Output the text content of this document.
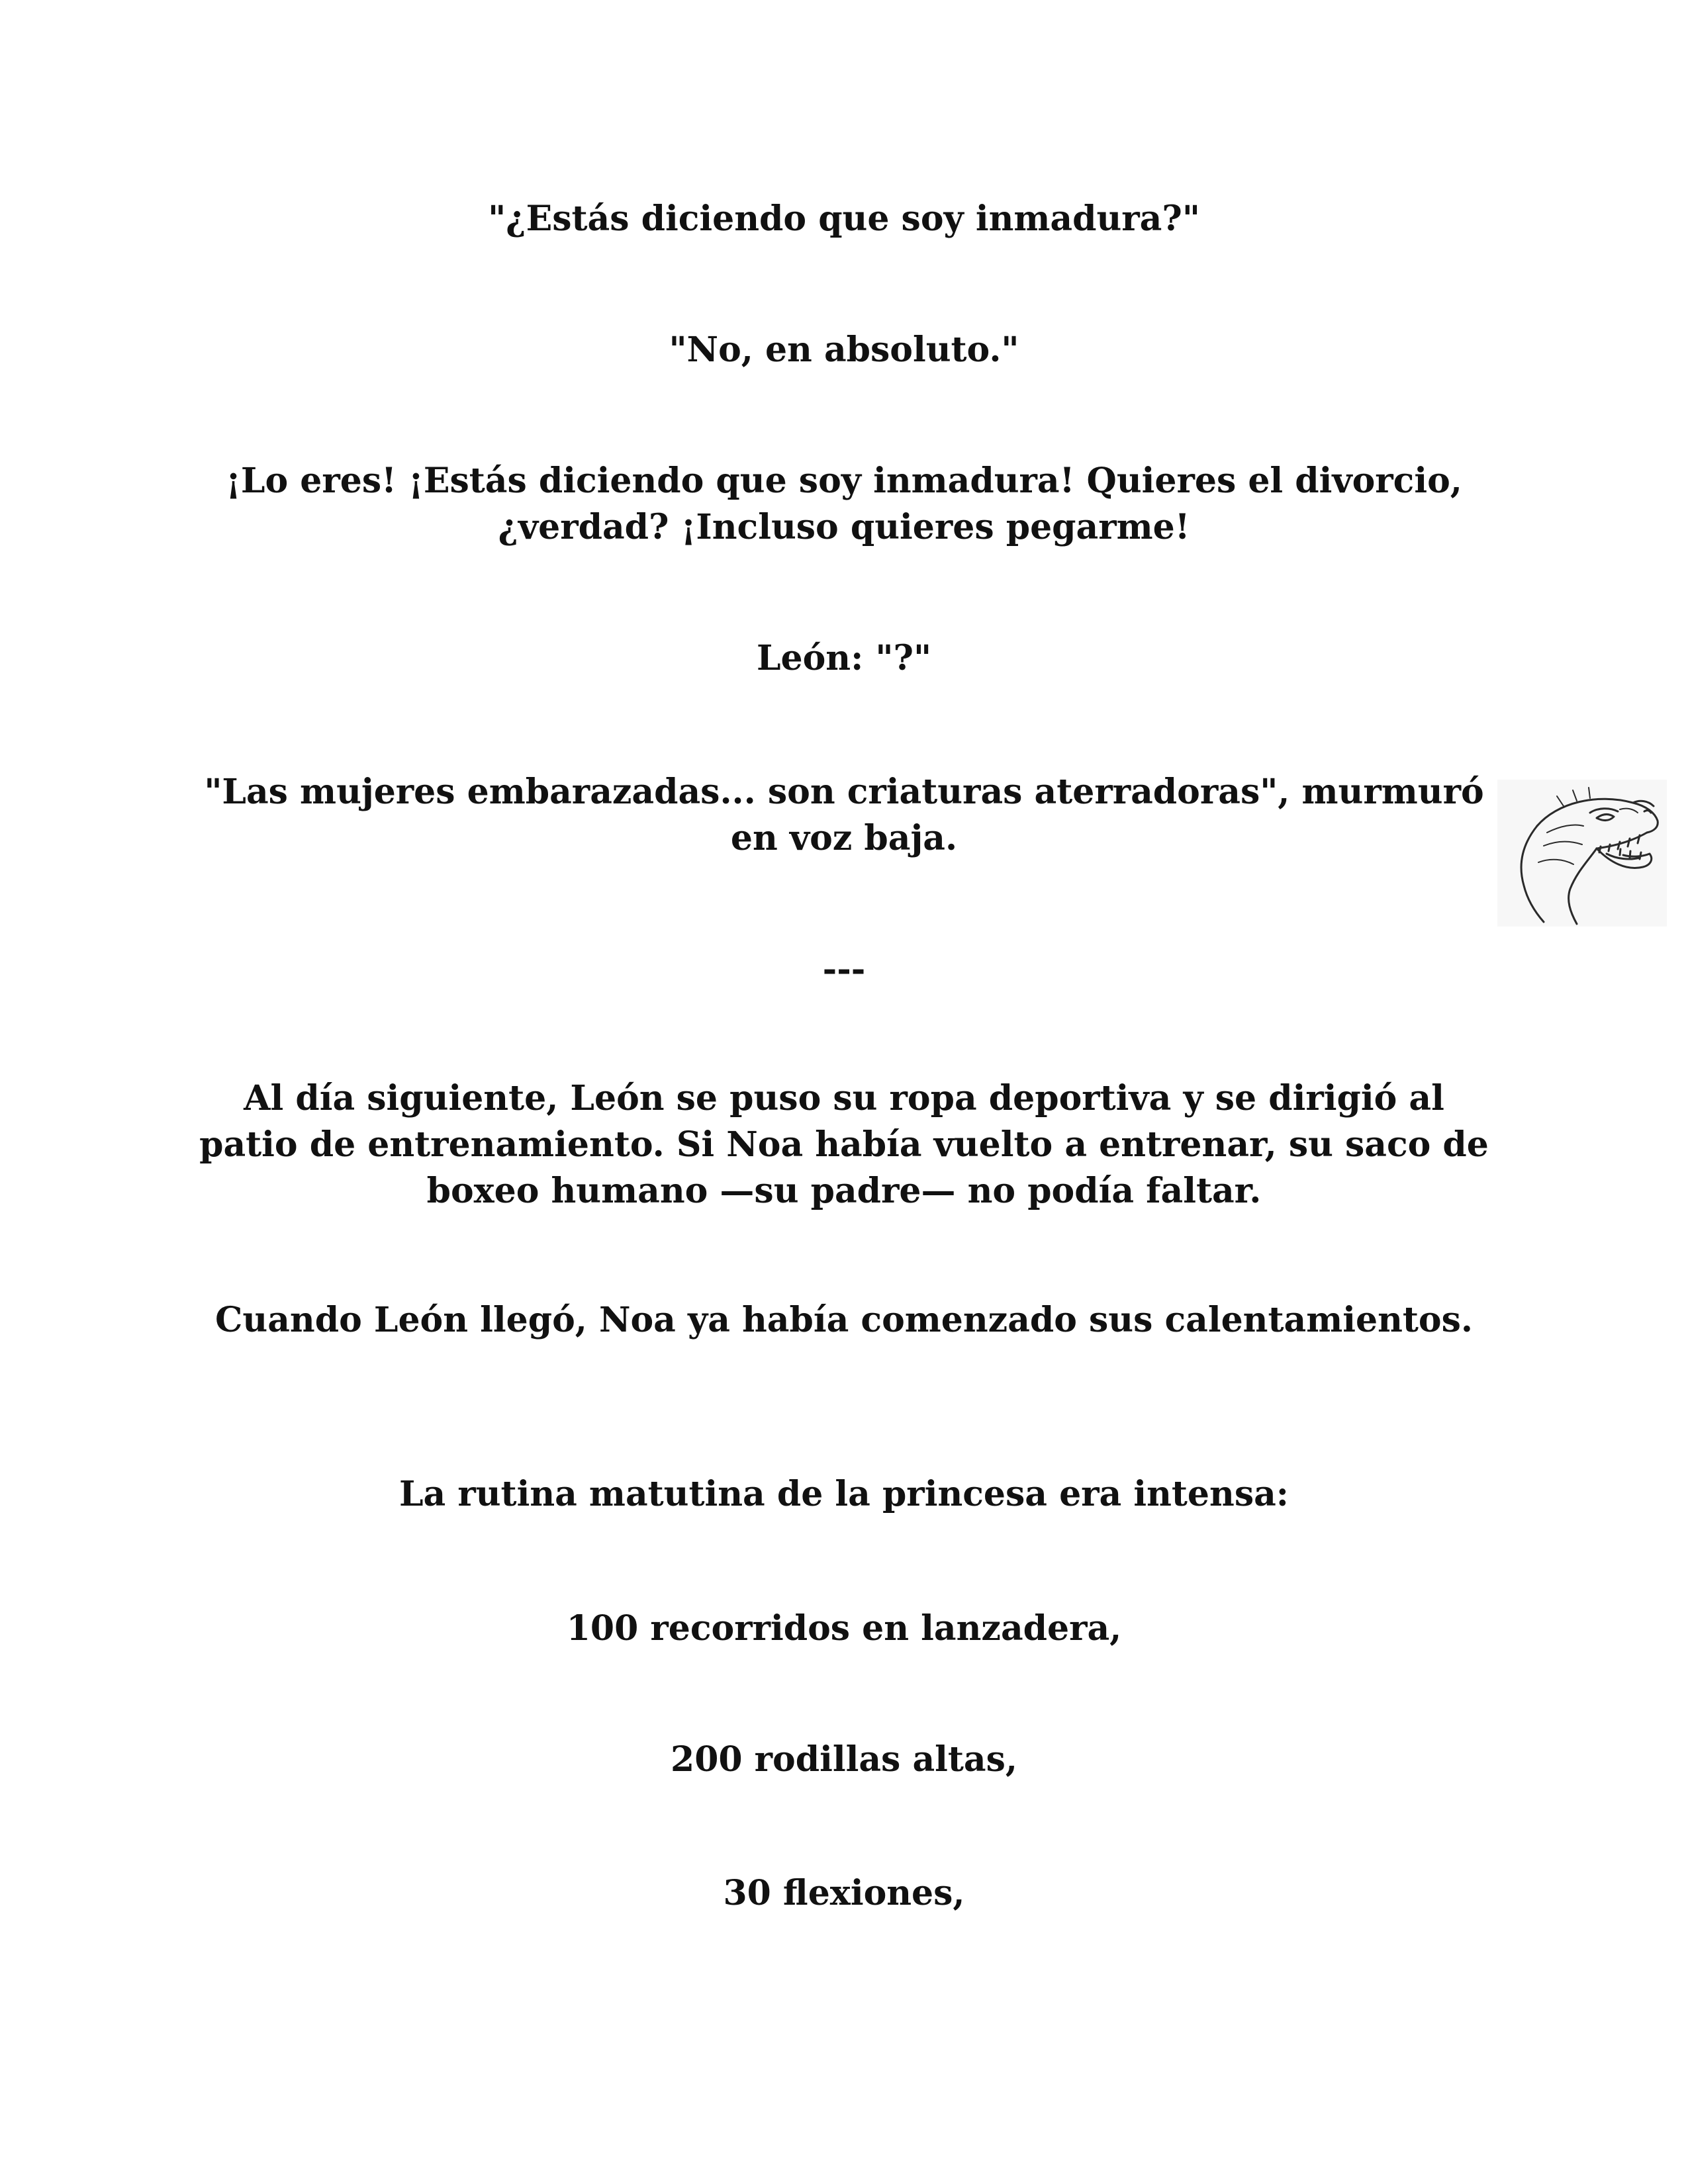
"¿Estás diciendo que soy inmadura?"

"No, en absoluto."

¡Lo eres! ¡Estás diciendo que soy inmadura! Quieres el divorcio, ¿verdad? ¡Incluso quieres pegarme!

León: "?"

"Las mujeres embarazadas... son criaturas aterradoras", murmuró en voz baja.

---

Al día siguiente, León se puso su ropa deportiva y se dirigió al patio de entrenamiento. Si Noa había vuelto a entrenar, su saco de boxeo humano —su padre— no podía faltar.

Cuando León llegó, Noa ya había comenzado sus calentamientos.

La rutina matutina de la princesa era intensa:

100 recorridos en lanzadera,

200 rodillas altas,

30 flexiones,
